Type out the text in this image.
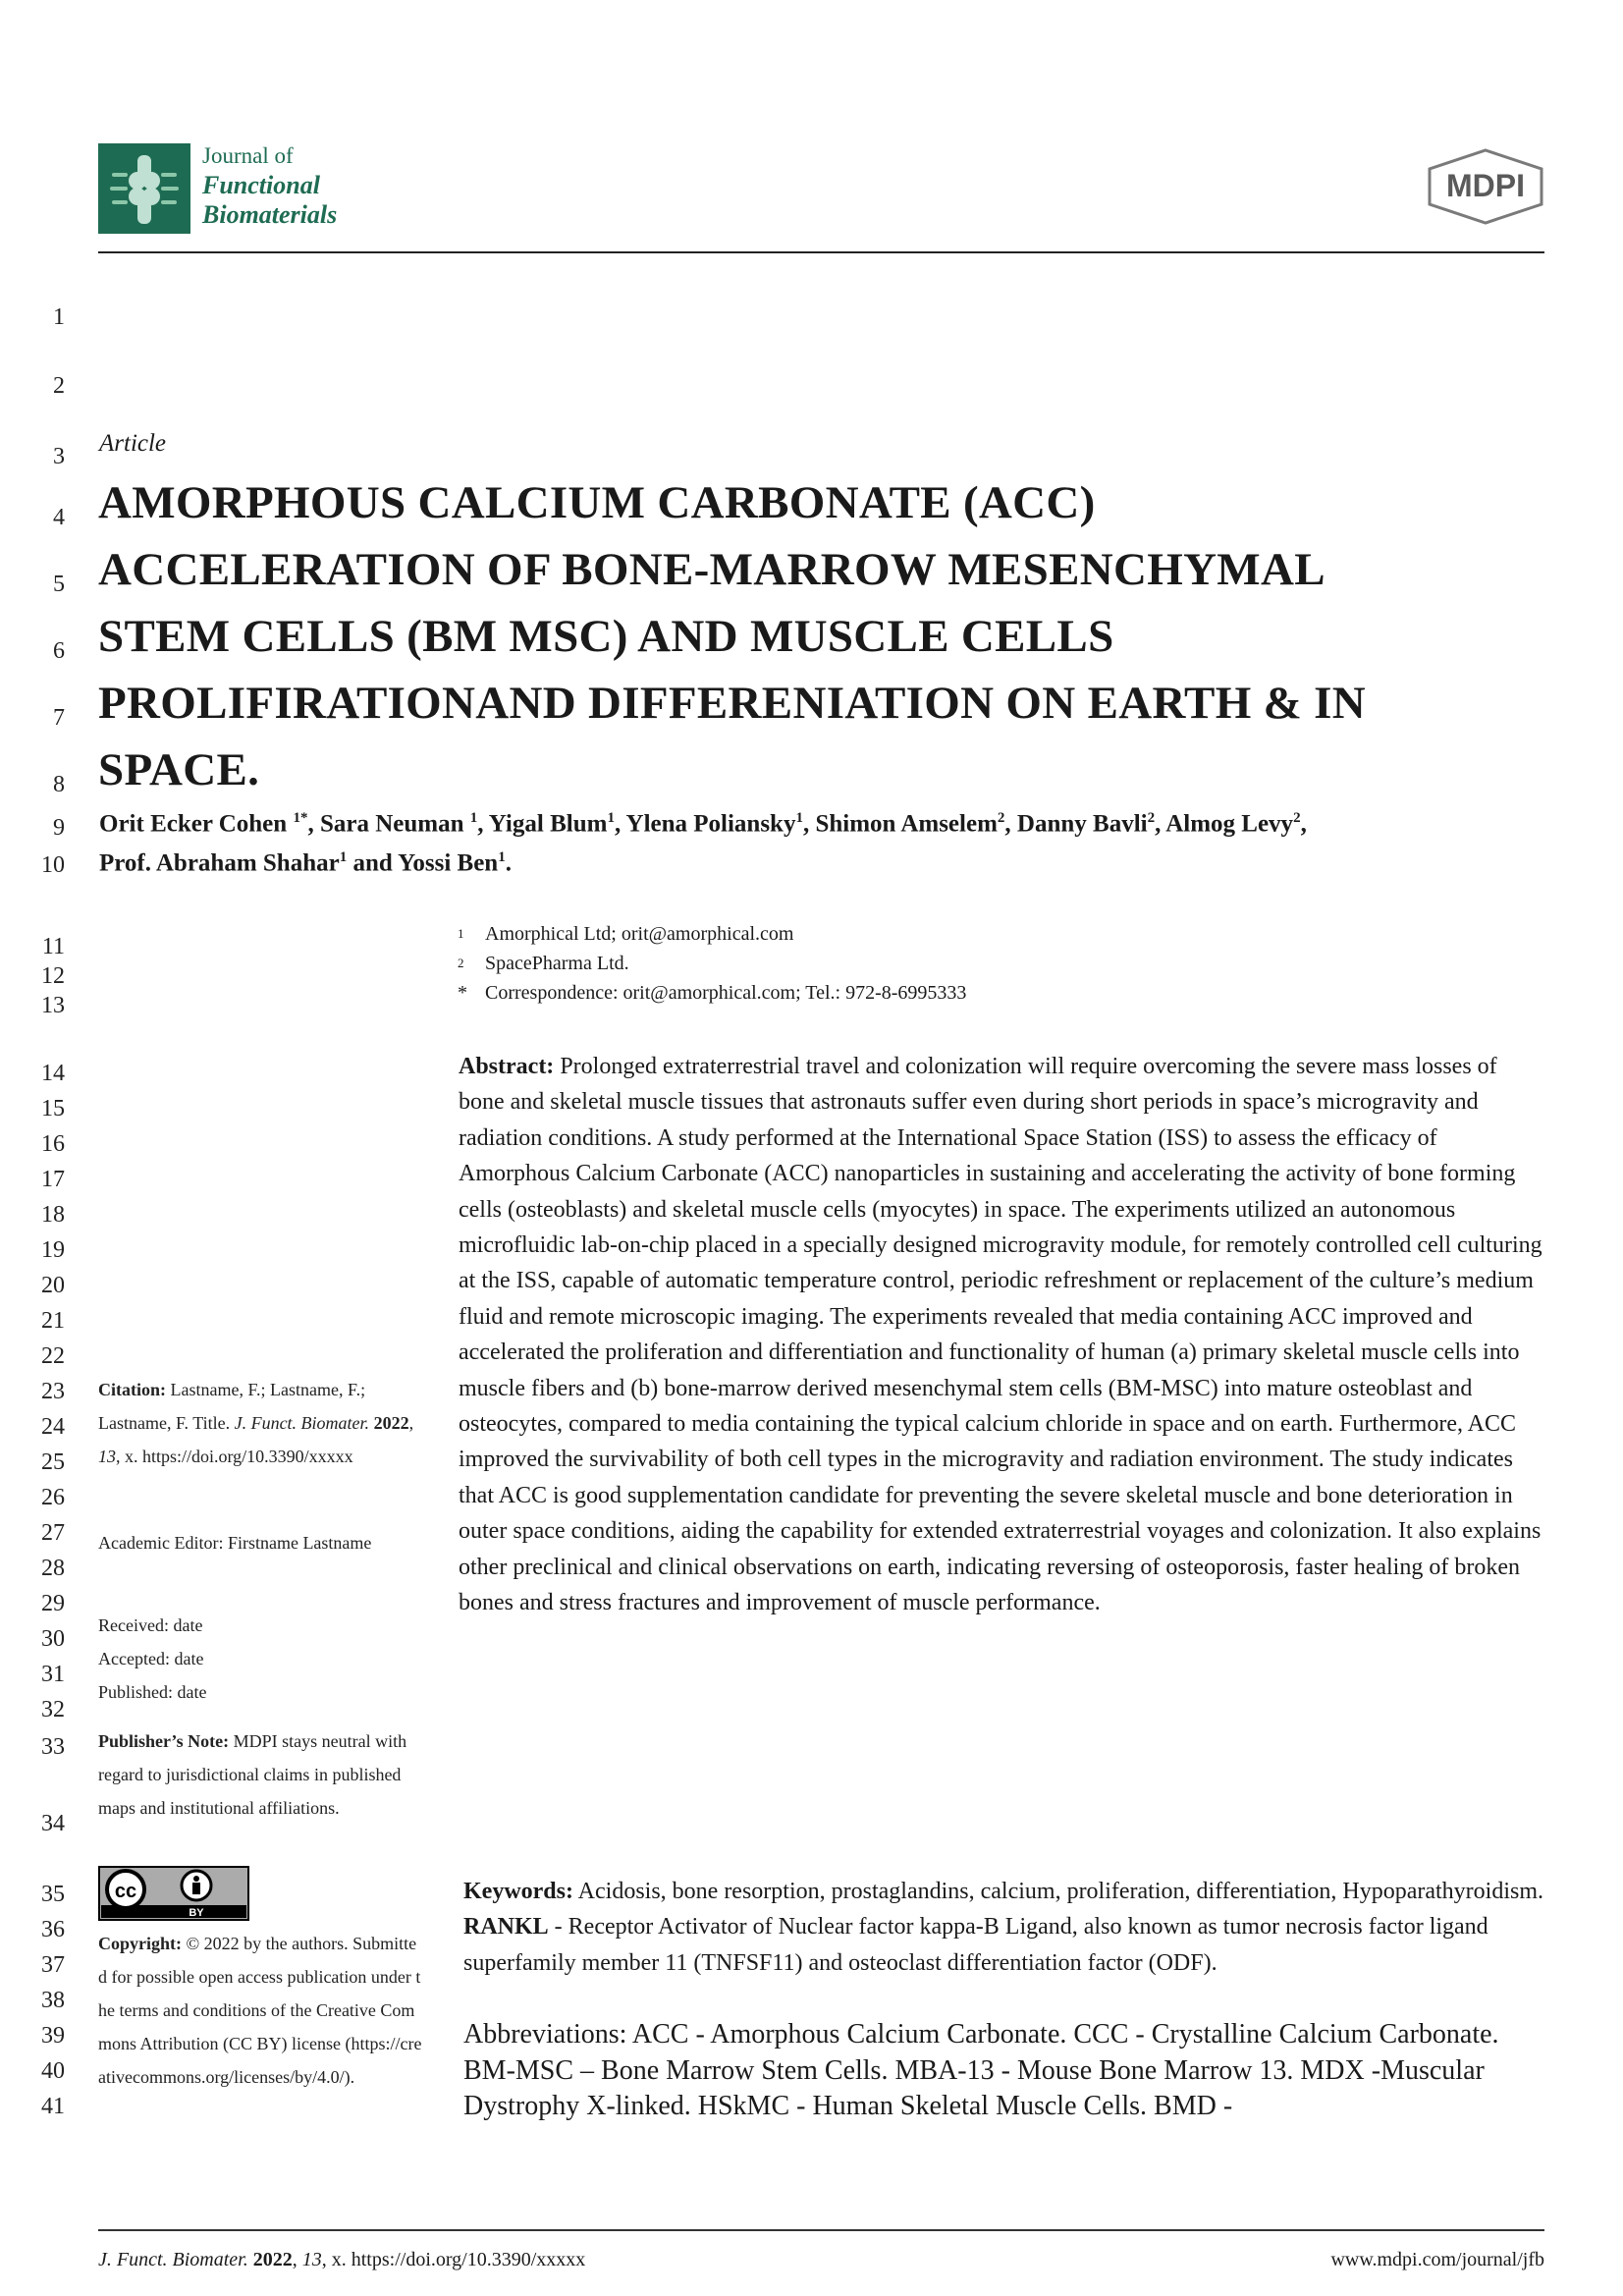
Journal of
Functional
Biomaterials
MDPI
1
2
3
4
5
6
7
8
9
10
11
12
13
14
15
16
17
18
19
20
21
22
23
24
25
26
27
28
29
30
31
32
33
34
35
36
37
38
39
40
41
Article
AMORPHOUS CALCIUM CARBONATE (ACC)
ACCELERATION OF BONE-MARROW MESENCHYMAL
STEM CELLS (BM MSC) AND MUSCLE CELLS
PROLIFIRATIONAND DIFFERENIATION ON EARTH & IN
SPACE.
Orit Ecker Cohen $^{1*}$, Sara Neuman $^1$, Yigal Blum$^1$, Ylena Poliansky$^1$, Shimon Amselem$^2$, Danny Bavli$^2$, Almog Levy$^2$,
Prof. Abraham Shahar$^1$ and Yossi Ben$^1$.
1 Amorphical Ltd; orit@amorphical.com
2 SpacePharma Ltd.
* Correspondence: orit@amorphical.com; Tel.: 972-8-6995333
Abstract: Prolonged extraterrestrial travel and colonization will require overcoming the severe mass losses of bone and skeletal muscle tissues that astronauts suffer even during short periods in space’s microgravity and radiation conditions. A study performed at the International Space Station (ISS) to assess the efficacy of Amorphous Calcium Carbonate (ACC) nanoparticles in sustaining and accelerating the activity of bone forming cells (osteoblasts) and skeletal muscle cells (myocytes) in space. The experiments utilized an autonomous microfluidic lab-on-chip placed in a specially designed microgravity module, for remotely controlled cell culturing at the ISS, capable of automatic temperature control, periodic refreshment or replacement of the culture’s medium fluid and remote microscopic imaging. The experiments revealed that media containing ACC improved and accelerated the proliferation and differentiation and functionality of human (a) primary skeletal muscle cells into muscle fibers and (b) bone-marrow derived mesenchymal stem cells (BM-MSC) into mature osteoblast and osteocytes, compared to media containing the typical calcium chloride in space and on earth. Furthermore, ACC improved the survivability of both cell types in the microgravity and radiation environment. The study indicates that ACC is good supplementation candidate for preventing the severe skeletal muscle and bone deterioration in outer space conditions, aiding the capability for extended extraterrestrial voyages and colonization. It also explains other preclinical and clinical observations on earth, indicating reversing of osteoporosis, faster healing of broken bones and stress fractures and improvement of muscle performance.
Keywords: Acidosis, bone resorption, prostaglandins, calcium, proliferation, differentiation, Hypoparathyroidism. RANKL - Receptor Activator of Nuclear factor kappa-B Ligand, also known as tumor necrosis factor ligand superfamily member 11 (TNFSF11) and osteoclast differentiation factor (ODF).
Abbreviations: ACC - Amorphous Calcium Carbonate. CCC - Crystalline Calcium Carbonate. BM-MSC – Bone Marrow Stem Cells. MBA-13 - Mouse Bone Marrow 13. MDX -Muscular Dystrophy X-linked. HSkMC - Human Skeletal Muscle Cells. BMD -
Citation: Lastname, F.; Lastname, F.; Lastname, F. Title. J. Funct. Biomater. 2022, 13, x. https://doi.org/10.3390/xxxxx
Academic Editor: Firstname Lastname
Received: date
Accepted: date
Published: date
Publisher’s Note: MDPI stays neutral with regard to jurisdictional claims in published maps and institutional affiliations.
cc
BY
Copyright: © 2022 by the authors. Submitted for possible open access publication under the terms and conditions of the Creative Commons Attribution (CC BY) license (https://creativecommons.org/licenses/by/4.0/).
J. Funct. Biomater. 2022, 13, x. https://doi.org/10.3390/xxxxx	www.mdpi.com/journal/jfb
